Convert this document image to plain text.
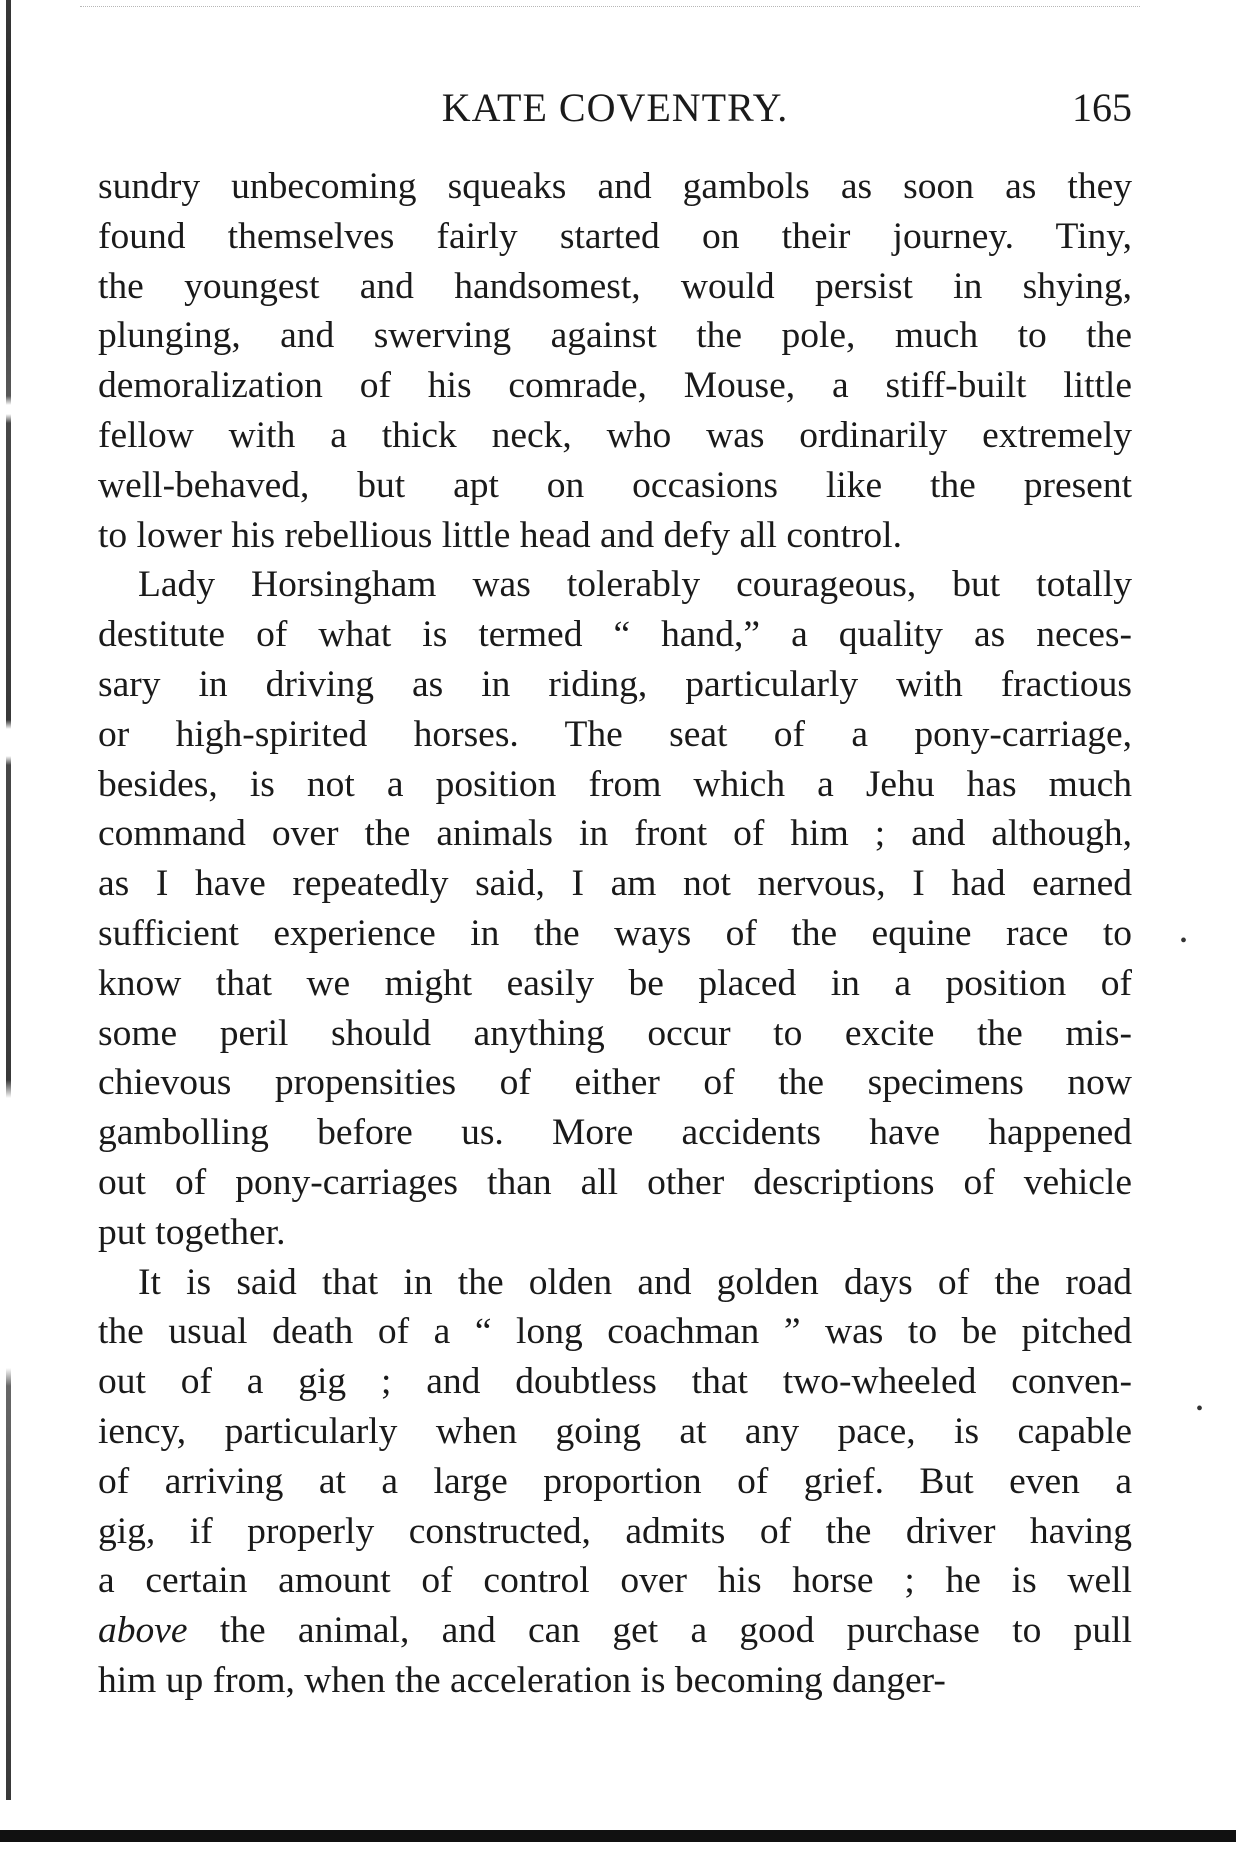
KATE COVENTRY.	165
sundry unbecoming squeaks and gambols as soon as they
found themselves fairly started on their journey. Tiny,
the youngest and handsomest, would persist in shying,
plunging, and swerving against the pole, much to the
demoralization of his comrade, Mouse, a stiff-built little
fellow with a thick neck, who was ordinarily extremely
well-behaved, but apt on occasions like the present
to lower his rebellious little head and defy all control.
Lady Horsingham was tolerably courageous, but totally
destitute of what is termed “ hand,” a quality as neces-
sary in driving as in riding, particularly with fractious
or high-spirited horses. The seat of a pony-carriage,
besides, is not a position from which a Jehu has much
command over the animals in front of him ; and although,
as I have repeatedly said, I am not nervous, I had earned
sufficient experience in the ways of the equine race to
know that we might easily be placed in a position of
some peril should anything occur to excite the mis-
chievous propensities of either of the specimens now
gambolling before us. More accidents have happened
out of pony-carriages than all other descriptions of vehicle
put together.
It is said that in the olden and golden days of the road
the usual death of a “ long coachman ” was to be pitched
out of a gig ; and doubtless that two-wheeled conven-
iency, particularly when going at any pace, is capable
of arriving at a large proportion of grief. But even a
gig, if properly constructed, admits of the driver having
a certain amount of control over his horse ; he is well
above the animal, and can get a good purchase to pull
him up from, when the acceleration is becoming danger-
•
•
